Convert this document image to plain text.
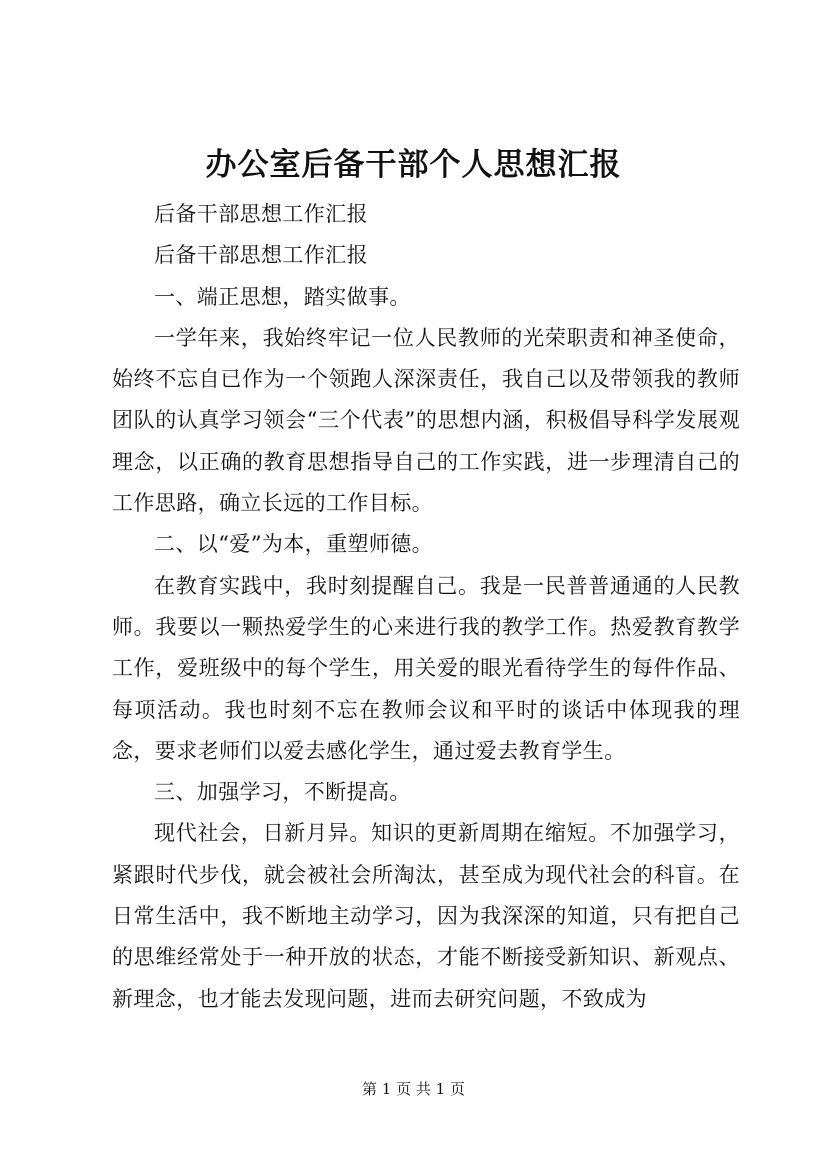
办公室后备干部个人思想汇报

后备干部思想工作汇报

后备干部思想工作汇报

一、端正思想，踏实做事。

一学年来，我始终牢记一位人民教师的光荣职责和神圣使命，始终不忘自已作为一个领跑人深深责任，我自己以及带领我的教师团队的认真学习领会“三个代表”的思想内涵，积极倡导科学发展观理念，以正确的教育思想指导自己的工作实践，进一步理清自己的工作思路，确立长远的工作目标。

二、以“爱”为本，重塑师德。

在教育实践中，我时刻提醒自己。我是一民普普通通的人民教师。我要以一颗热爱学生的心来进行我的教学工作。热爱教育教学工作，爱班级中的每个学生，用关爱的眼光看待学生的每件作品、每项活动。我也时刻不忘在教师会议和平时的谈话中体现我的理念，要求老师们以爱去感化学生，通过爱去教育学生。

三、加强学习，不断提高。

现代社会，日新月异。知识的更新周期在缩短。不加强学习，紧跟时代步伐，就会被社会所淘汰，甚至成为现代社会的科盲。在日常生活中，我不断地主动学习，因为我深深的知道，只有把自己的思维经常处于一种开放的状态，才能不断接受新知识、新观点、新理念，也才能去发现问题，进而去研究问题，不致成为

第 1 页 共 1 页
